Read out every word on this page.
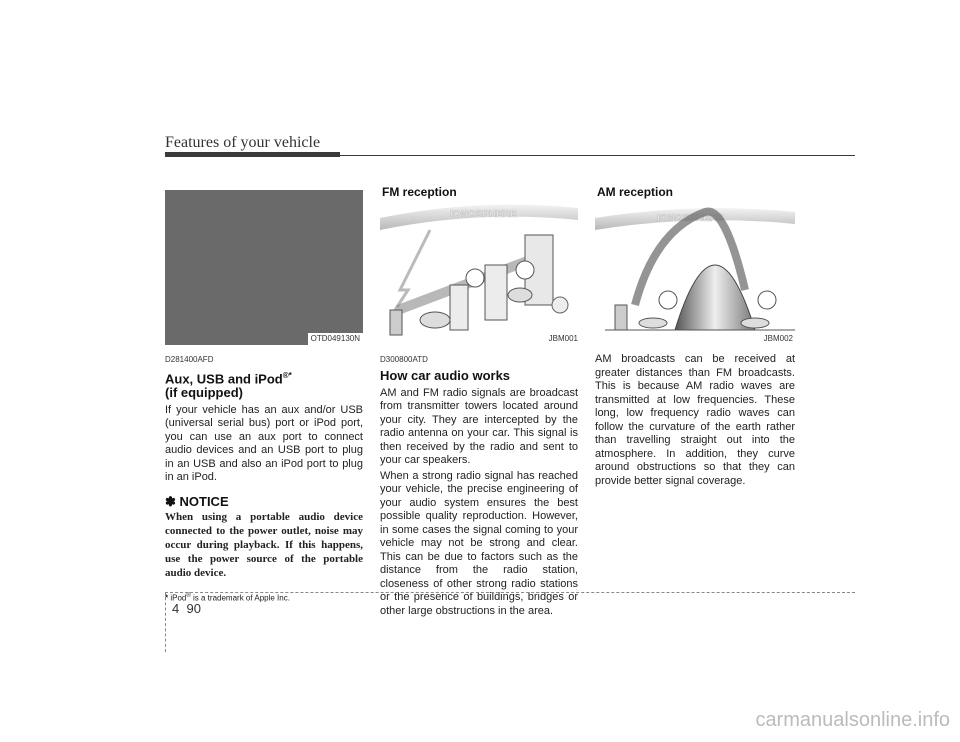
Features of your vehicle
OTD049130N
D281400AFD
Aux, USB and iPod®*
(if equipped)

If your vehicle has an aux and/or USB (universal serial bus) port or iPod port, you can use an aux port to connect audio devices and an USB port to plug in an USB and also an iPod port to plug in an iPod.

✽ NOTICE
When using a portable audio device connected to the power outlet, noise may occur during playback. If this happens, use the power source of the portable audio device.
* iPod® is a trademark of Apple Inc.
IONOSPHERE
FM reception
JBM001
D300800ATD
How car audio works

AM and FM radio signals are broadcast from transmitter towers located around your city. They are intercepted by the radio antenna on your car. This signal is then received by the radio and sent to your car speakers.

When a strong radio signal has reached your vehicle, the precise engineering of your audio system ensures the best possible quality reproduction. However, in some cases the signal coming to your vehicle may not be strong and clear. This can be due to factors such as the distance from the radio station, closeness of other strong radio stations or the presence of buildings, bridges or other large obstructions in the area.

IONOSPHERE
AM reception
JBM002

AM broadcasts can be received at greater distances than FM broadcasts. This is because AM radio waves are transmitted at low frequencies. These long, low frequency radio waves can follow the curvature of the earth rather than travelling straight out into the atmosphere. In addition, they curve around obstructions so that they can provide better signal coverage.

4 90
carmanualsonline.info
